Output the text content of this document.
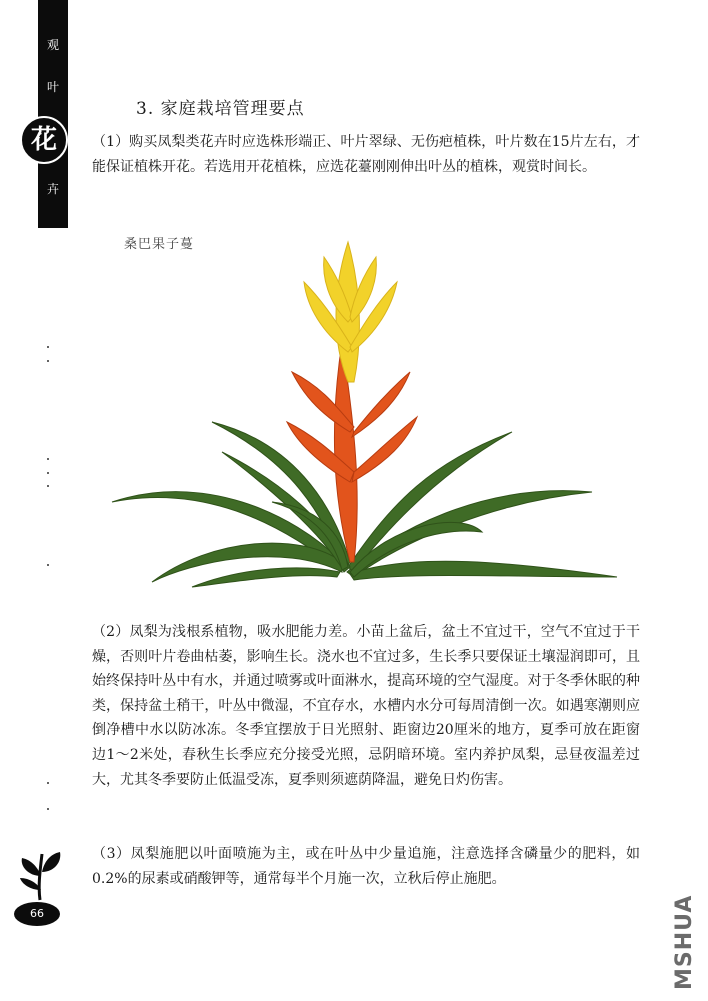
观
叶
卉
花
3. 家庭栽培管理要点

（1）购买凤梨类花卉时应选株形端正、叶片翠绿、无伤疤植株，叶片数在15片左右，才能保证植株开花。若选用开花植株，应选花薹刚刚伸出叶丛的植株，观赏时间长。

桑巴果子蔓

（2）凤梨为浅根系植物，吸水肥能力差。小苗上盆后，盆土不宜过干，空气不宜过于干燥，否则叶片卷曲枯萎，影响生长。浇水也不宜过多，生长季只要保证土壤湿润即可，且始终保持叶丛中有水，并通过喷雾或叶面淋水，提高环境的空气湿度。对于冬季休眠的种类，保持盆土稍干，叶丛中微湿，不宜存水，水槽内水分可每周清倒一次。如遇寒潮则应倒净槽中水以防冰冻。冬季宜摆放于日光照射、距窗边20厘米的地方，夏季可放在距窗边1～2米处，春秋生长季应充分接受光照，忌阴暗环境。室内养护凤梨，忌昼夜温差过大，尤其冬季要防止低温受冻，夏季则须遮荫降温，避免日灼伤害。

（3）凤梨施肥以叶面喷施为主，或在叶丛中少量追施，注意选择含磷量少的肥料，如0.2%的尿素或硝酸钾等，通常每半个月施一次，立秋后停止施肥。

66	MSHUA
